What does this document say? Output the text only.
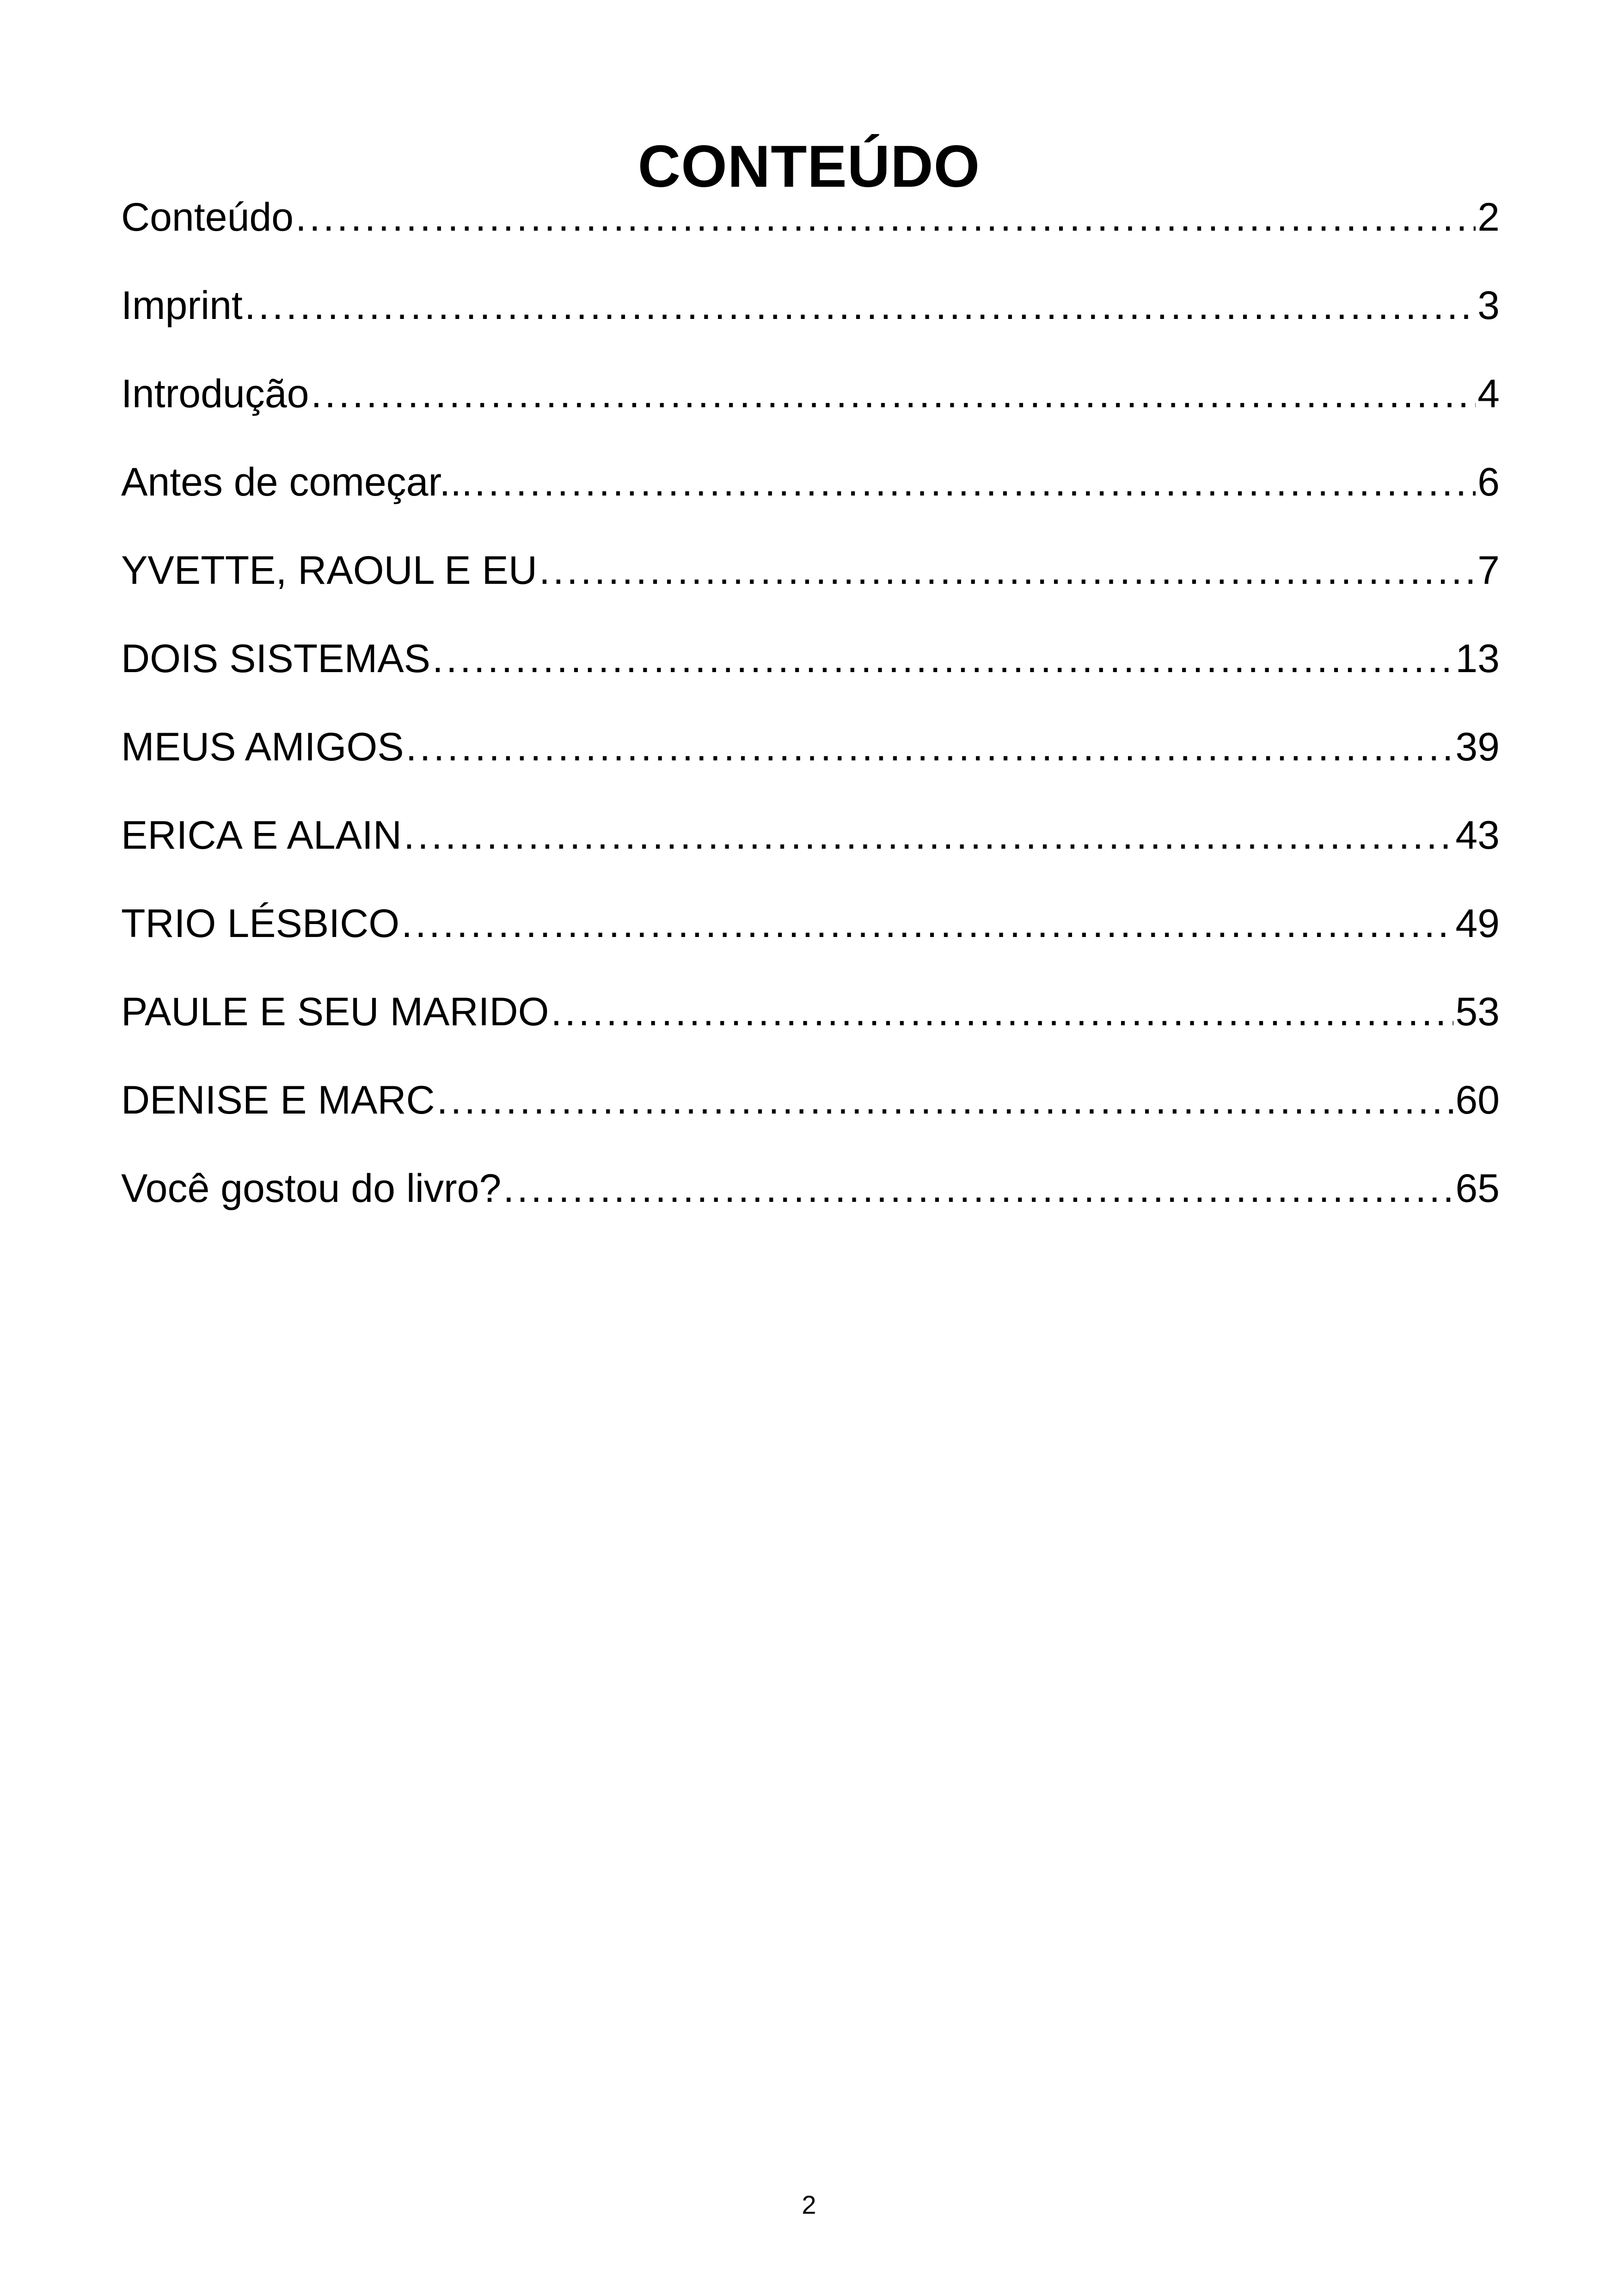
CONTEÚDO
Conteúdo .....	2
Imprint .....	3
Introdução .....	4
Antes de começar... .....	6
YVETTE, RAOUL E EU .....	7
DOIS SISTEMAS .....	13
MEUS AMIGOS .....	39
ERICA E ALAIN .....	43
TRIO LÉSBICO .....	49
PAULE E SEU MARIDO .....	53
DENISE E MARC .....	60
Você gostou do livro? .....	65
2
